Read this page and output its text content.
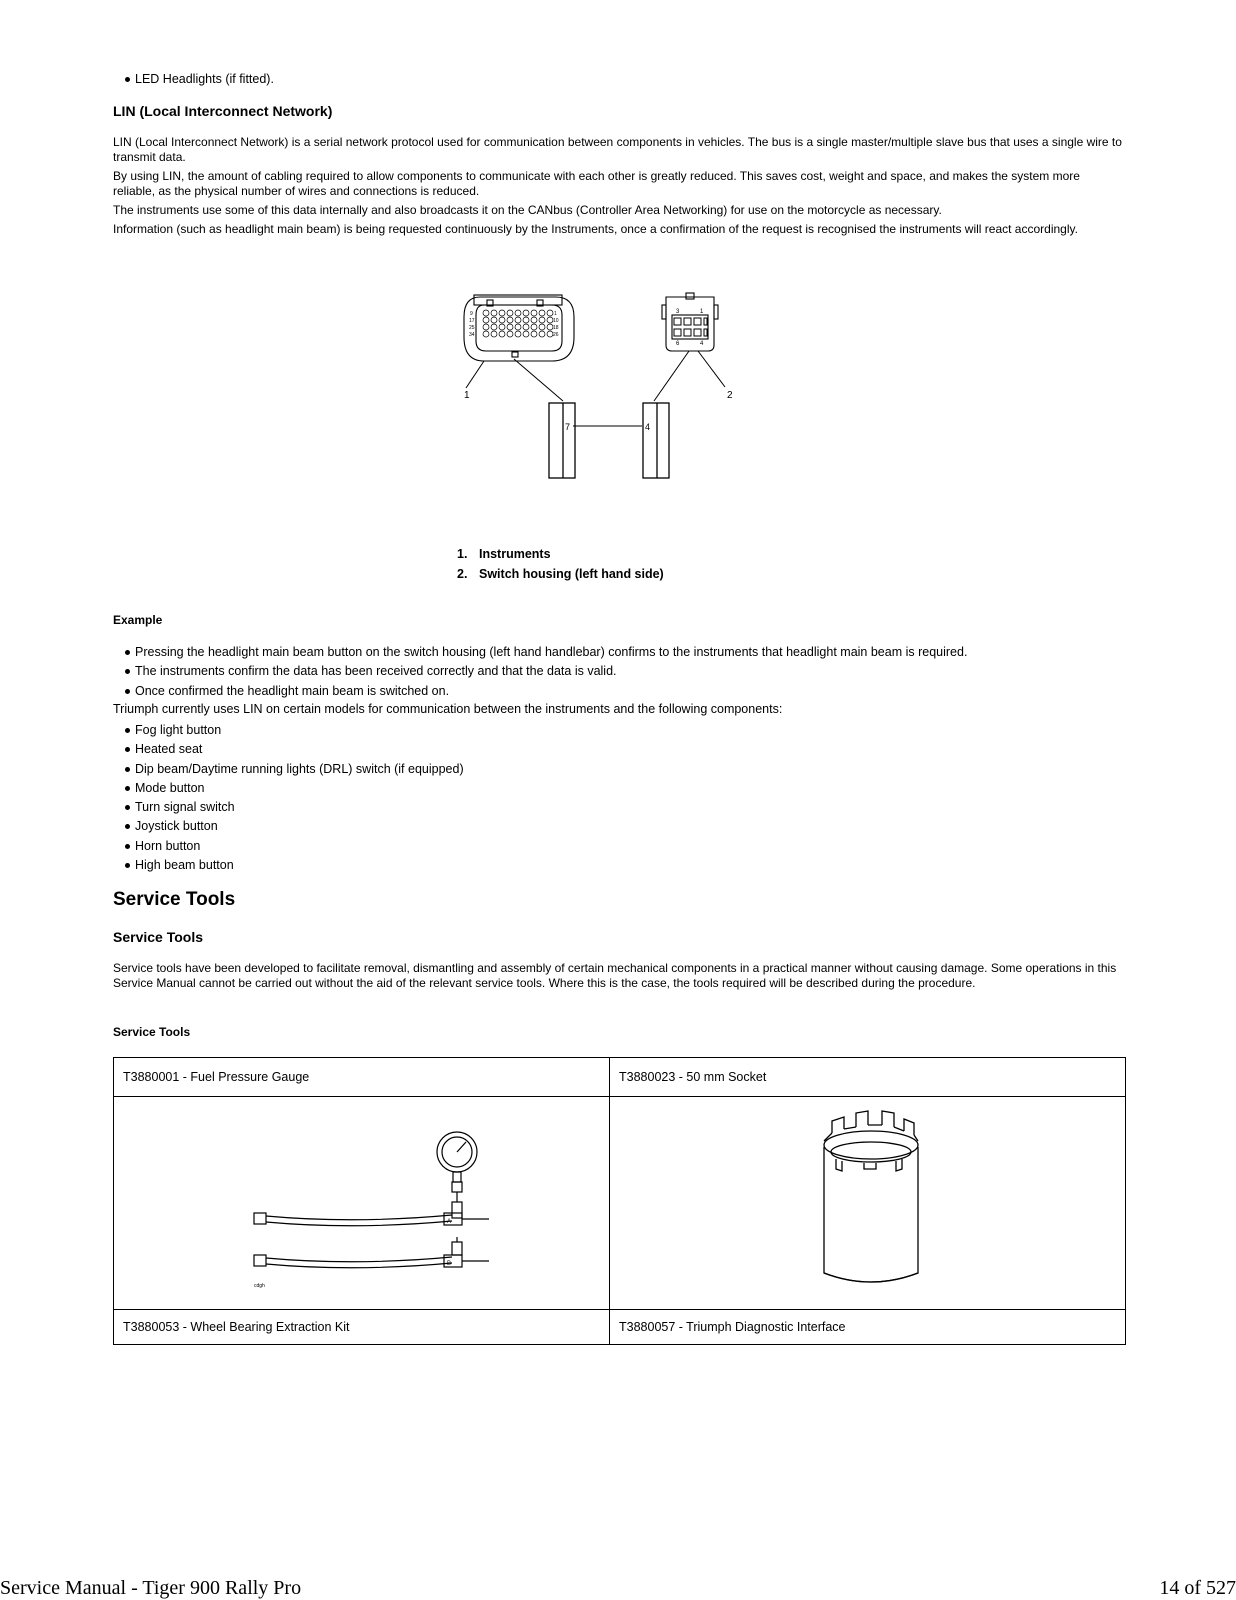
LED Headlights (if fitted).
LIN (Local Interconnect Network)

LIN (Local Interconnect Network) is a serial network protocol used for communication between components in vehicles. The bus is a single master/multiple slave bus that uses a single wire to transmit data.

By using LIN, the amount of cabling required to allow components to communicate with each other is greatly reduced. This saves cost, weight and space, and makes the system more reliable, as the physical number of wires and connections is reduced.

The instruments use some of this data internally and also broadcasts it on the CANbus (Controller Area Networking) for use on the motorcycle as necessary.

Information (such as headlight main beam) is being requested continuously by the Instruments, once a confirmation of the request is recognised the instruments will react accordingly.

9
17
25
34
1
10
18
26
3	1
6	4
1	2
7	4
1. Instruments
2. Switch housing (left hand side)
Example
Pressing the headlight main beam button on the switch housing (left hand handlebar) confirms to the instruments that headlight main beam is required.
The instruments confirm the data has been received correctly and that the data is valid.
Once confirmed the headlight main beam is switched on.
Triumph currently uses LIN on certain models for communication between the instruments and the following components:
Fog light button
Heated seat
Dip beam/Daytime running lights (DRL) switch (if equipped)
Mode button
Turn signal switch
Joystick button
Horn button
High beam button
Service Tools
Service Tools

Service tools have been developed to facilitate removal, dismantling and assembly of certain mechanical components in a practical manner without causing damage. Some operations in this Service Manual cannot be carried out without the aid of the relevant service tools. Where this is the case, the tools required will be described during the procedure.

Service Tools
T3880001 - Fuel Pressure Gauge	T3880023 - 50 mm Socket

A
B
cdgh

T3880053 - Wheel Bearing Extraction Kit	T3880057 - Triumph Diagnostic Interface
Service Manual - Tiger 900 Rally Pro	14 of 527
